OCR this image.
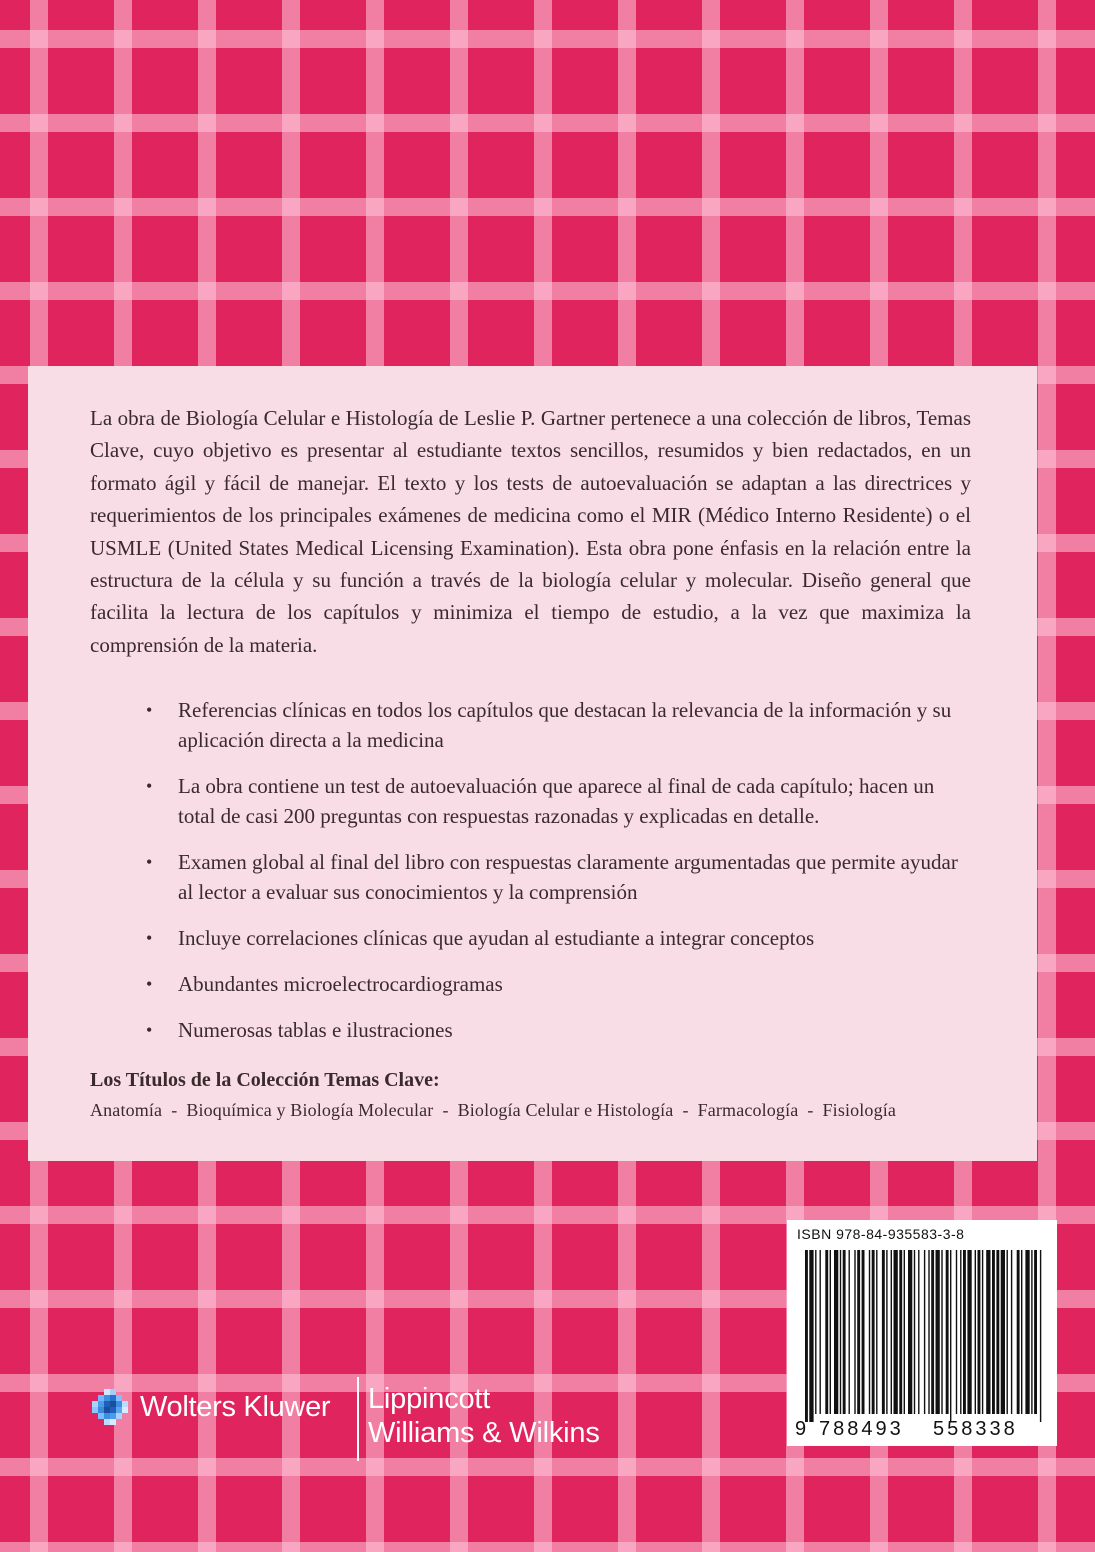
La obra de Biología Celular e Histología de Leslie P. Gartner pertenece a una colección de libros, Temas Clave, cuyo objetivo es presentar al estudiante textos sencillos, resumidos y bien redactados, en un formato ágil y fácil de manejar. El texto y los tests de autoevaluación se adaptan a las directrices y requerimientos de los principales exámenes de medicina como el MIR (Médico Interno Residente) o el USMLE (United States Medical Licensing Examination). Esta obra pone énfasis en la relación entre la estructura de la célula y su función a través de la biología celular y molecular. Diseño general que facilita la lectura de los capítulos y minimiza el tiempo de estudio, a la vez que maximiza la comprensión de la materia.

• Referencias clínicas en todos los capítulos que destacan la relevancia de la información y su aplicación directa a la medicina
• La obra contiene un test de autoevaluación que aparece al final de cada capítulo; hacen un total de casi 200 preguntas con respuestas razonadas y explicadas en detalle.
• Examen global al final del libro con respuestas claramente argumentadas que permite ayudar al lector a evaluar sus conocimientos y la comprensión
• Incluye correlaciones clínicas que ayudan al estudiante a integrar conceptos
• Abundantes microelectrocardiogramas
• Numerosas tablas e ilustraciones
Los Títulos de la Colección Temas Clave:
Anatomía - Bioquímica y Biología Molecular - Biología Celular e Histología - Farmacología - Fisiología
ISBN 978-84-935583-3-8
9 788493 558338
Wolters Kluwer Lippincott
Williams & Wilkins
